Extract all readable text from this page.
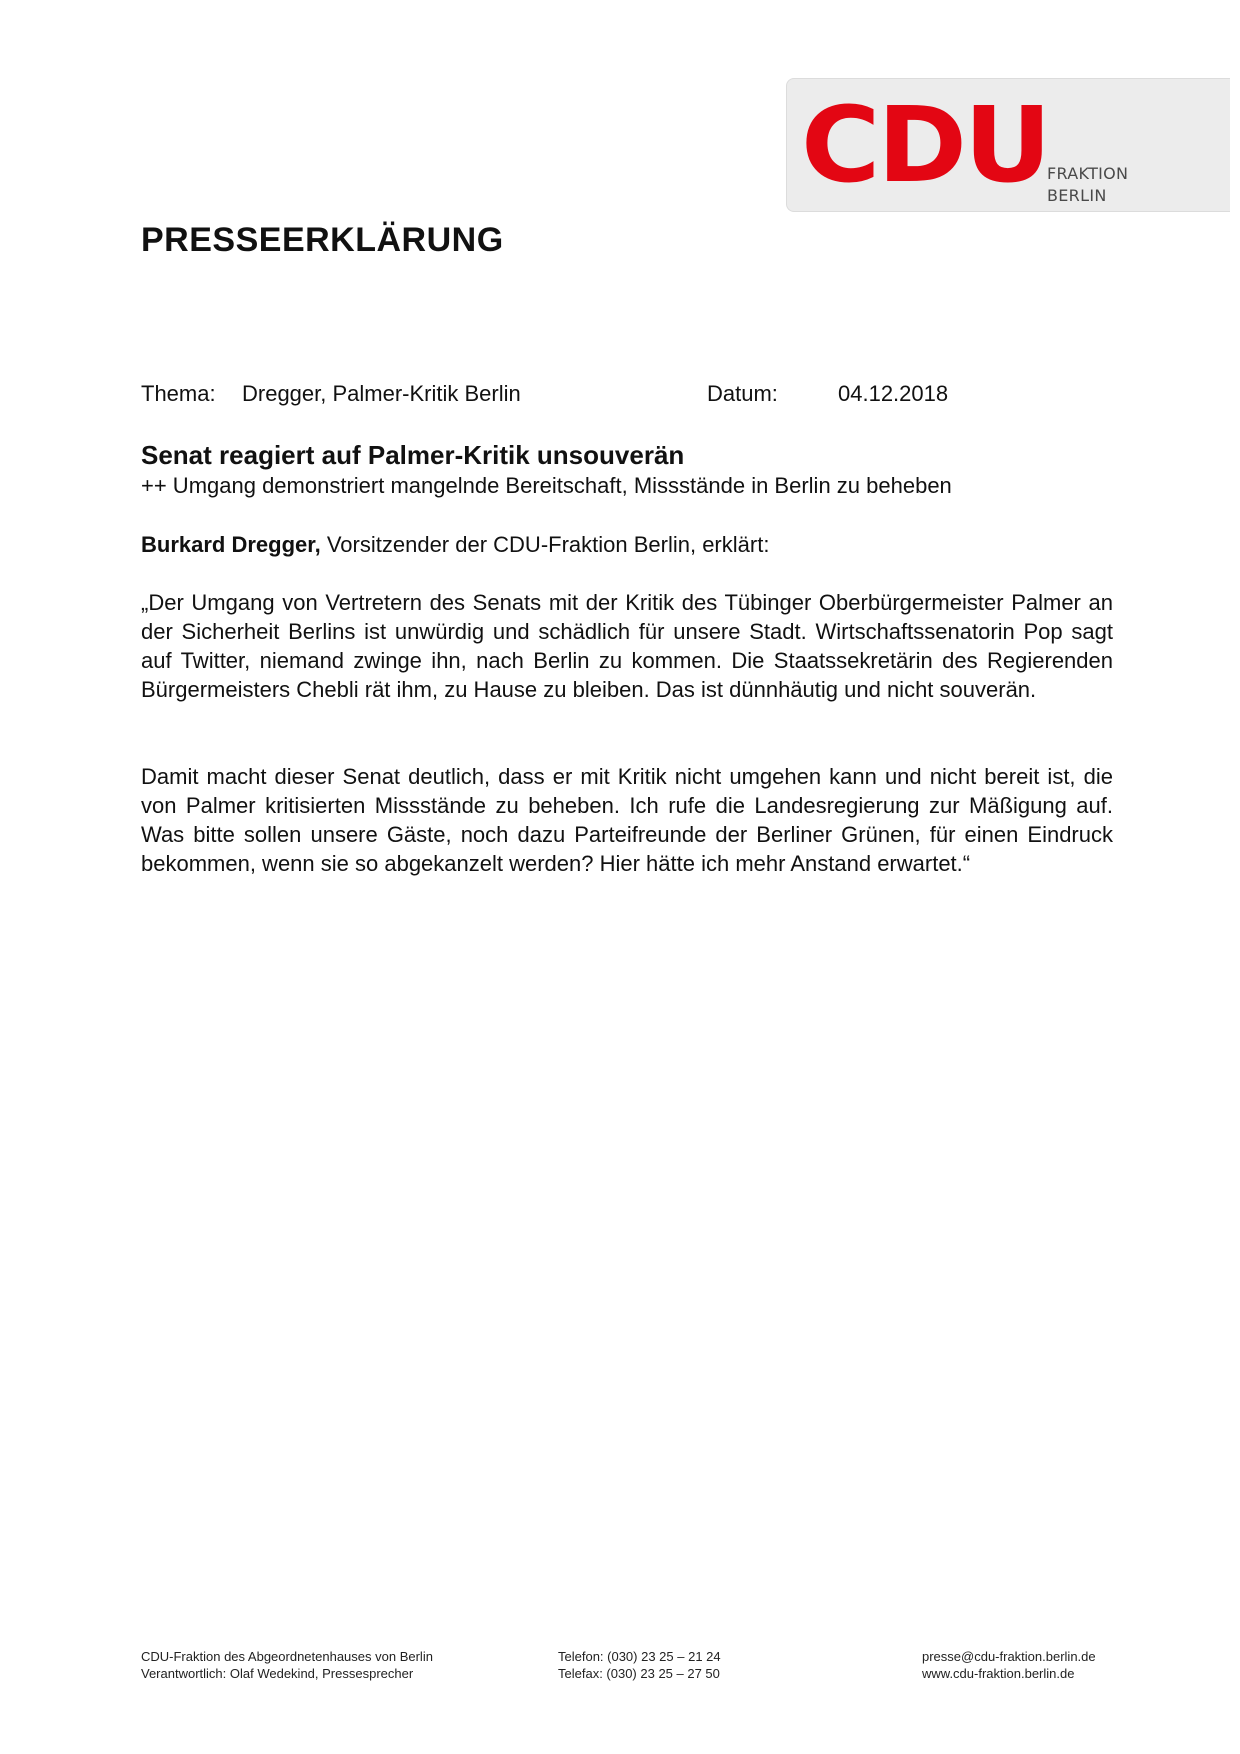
CDU
FRAKTION
BERLIN
PRESSEERKLÄRUNG
Thema: Dregger, Palmer-Kritik Berlin	Datum:	04.12.2018
Senat reagiert auf Palmer-Kritik unsouverän
++ Umgang demonstriert mangelnde Bereitschaft, Missstände in Berlin zu beheben
Burkard Dregger, Vorsitzender der CDU-Fraktion Berlin, erklärt:

„Der Umgang von Vertretern des Senats mit der Kritik des Tübinger Oberbürgermeister Palmer an der Sicherheit Berlins ist unwürdig und schädlich für unsere Stadt. Wirtschaftssenatorin Pop sagt auf Twitter, niemand zwinge ihn, nach Berlin zu kommen. Die Staatssekretärin des Regierenden Bürgermeisters Chebli rät ihm, zu Hause zu bleiben. Das ist dünnhäutig und nicht souverän.

Damit macht dieser Senat deutlich, dass er mit Kritik nicht umgehen kann und nicht bereit ist, die von Palmer kritisierten Missstände zu beheben. Ich rufe die Landesregierung zur Mäßigung auf. Was bitte sollen unsere Gäste, noch dazu Parteifreunde der Berliner Grünen, für einen Eindruck bekommen, wenn sie so abgekanzelt werden? Hier hätte ich mehr Anstand erwartet.“

CDU-Fraktion des Abgeordnetenhauses von Berlin
Verantwortlich: Olaf Wedekind, Pressesprecher
Telefon: (030) 23 25 – 21 24
Telefax: (030) 23 25 – 27 50
presse@cdu-fraktion.berlin.de
www.cdu-fraktion.berlin.de
